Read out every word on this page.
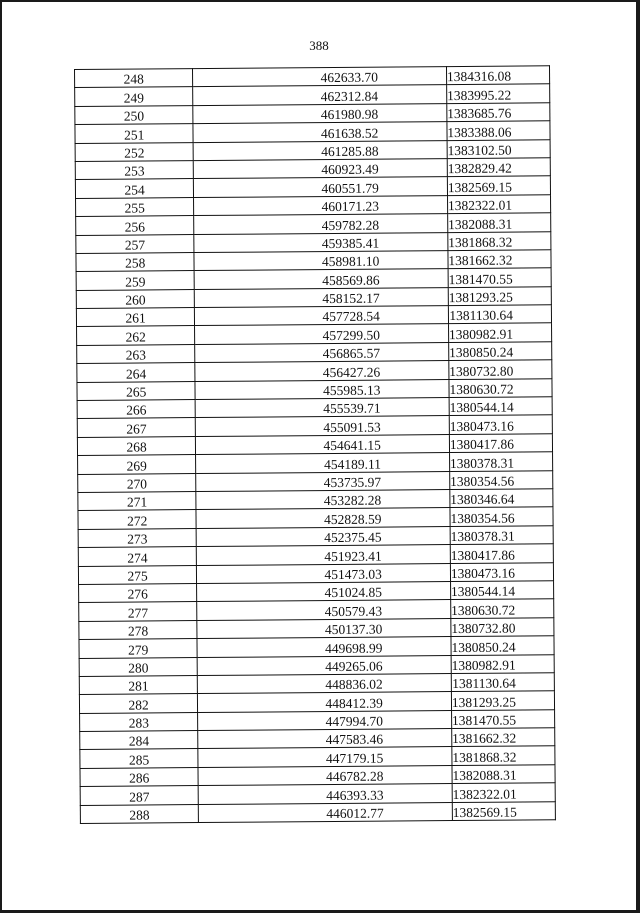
388
248	462633.70	1384316.08
249	462312.84	1383995.22
250	461980.98	1383685.76
251	461638.52	1383388.06
252	461285.88	1383102.50
253	460923.49	1382829.42
254	460551.79	1382569.15
255	460171.23	1382322.01
256	459782.28	1382088.31
257	459385.41	1381868.32
258	458981.10	1381662.32
259	458569.86	1381470.55
260	458152.17	1381293.25
261	457728.54	1381130.64
262	457299.50	1380982.91
263	456865.57	1380850.24
264	456427.26	1380732.80
265	455985.13	1380630.72
266	455539.71	1380544.14
267	455091.53	1380473.16
268	454641.15	1380417.86
269	454189.11	1380378.31
270	453735.97	1380354.56
271	453282.28	1380346.64
272	452828.59	1380354.56
273	452375.45	1380378.31
274	451923.41	1380417.86
275	451473.03	1380473.16
276	451024.85	1380544.14
277	450579.43	1380630.72
278	450137.30	1380732.80
279	449698.99	1380850.24
280	449265.06	1380982.91
281	448836.02	1381130.64
282	448412.39	1381293.25
283	447994.70	1381470.55
284	447583.46	1381662.32
285	447179.15	1381868.32
286	446782.28	1382088.31
287	446393.33	1382322.01
288	446012.77	1382569.15
